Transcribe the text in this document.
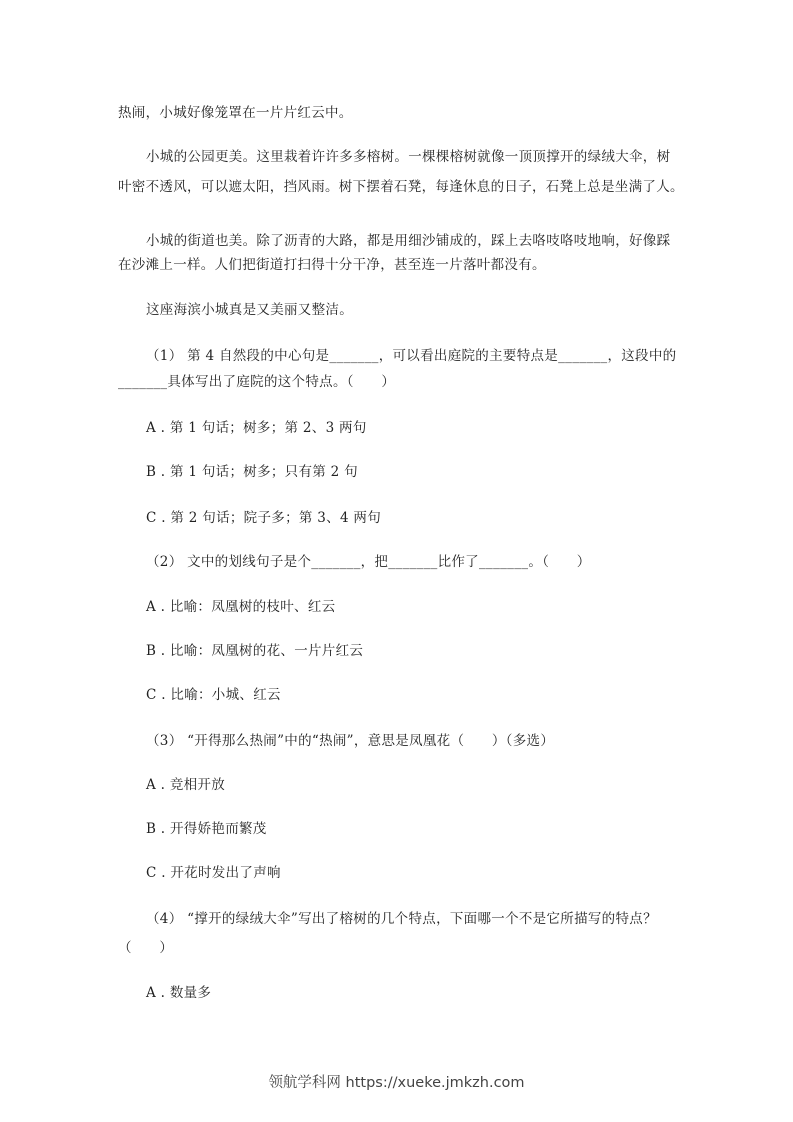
热闹，小城好像笼罩在一片片红云中。
小城的公园更美。这里栽着许许多多榕树。一棵棵榕树就像一顶顶撑开的绿绒大伞，树
叶密不透风，可以遮太阳，挡风雨。树下摆着石凳，每逢休息的日子，石凳上总是坐满了人。
小城的街道也美。除了沥青的大路，都是用细沙铺成的，踩上去咯吱咯吱地响，好像踩
在沙滩上一样。人们把街道打扫得十分干净，甚至连一片落叶都没有。
这座海滨小城真是又美丽又整洁。
（1） 第 4 自然段的中心句是_______，可以看出庭院的主要特点是_______，这段中的
_______具体写出了庭院的这个特点。（　　）
A . 第 1 句话；树多；第 2、3 两句
B . 第 1 句话；树多；只有第 2 句
C . 第 2 句话；院子多；第 3、4 两句
（2） 文中的划线句子是个_______，把_______比作了_______。（　　）
A . 比喻：凤凰树的枝叶、红云
B . 比喻：凤凰树的花、一片片红云
C . 比喻：小城、红云
（3） “开得那么热闹”中的“热闹”，意思是凤凰花（　　）（多选）
A . 竞相开放
B . 开得娇艳而繁茂
C . 开花时发出了声响
（4） “撑开的绿绒大伞”写出了榕树的几个特点，下面哪一个不是它所描写的特点？
（　　）
A . 数量多
领航学科网 https://xueke.jmkzh.com
